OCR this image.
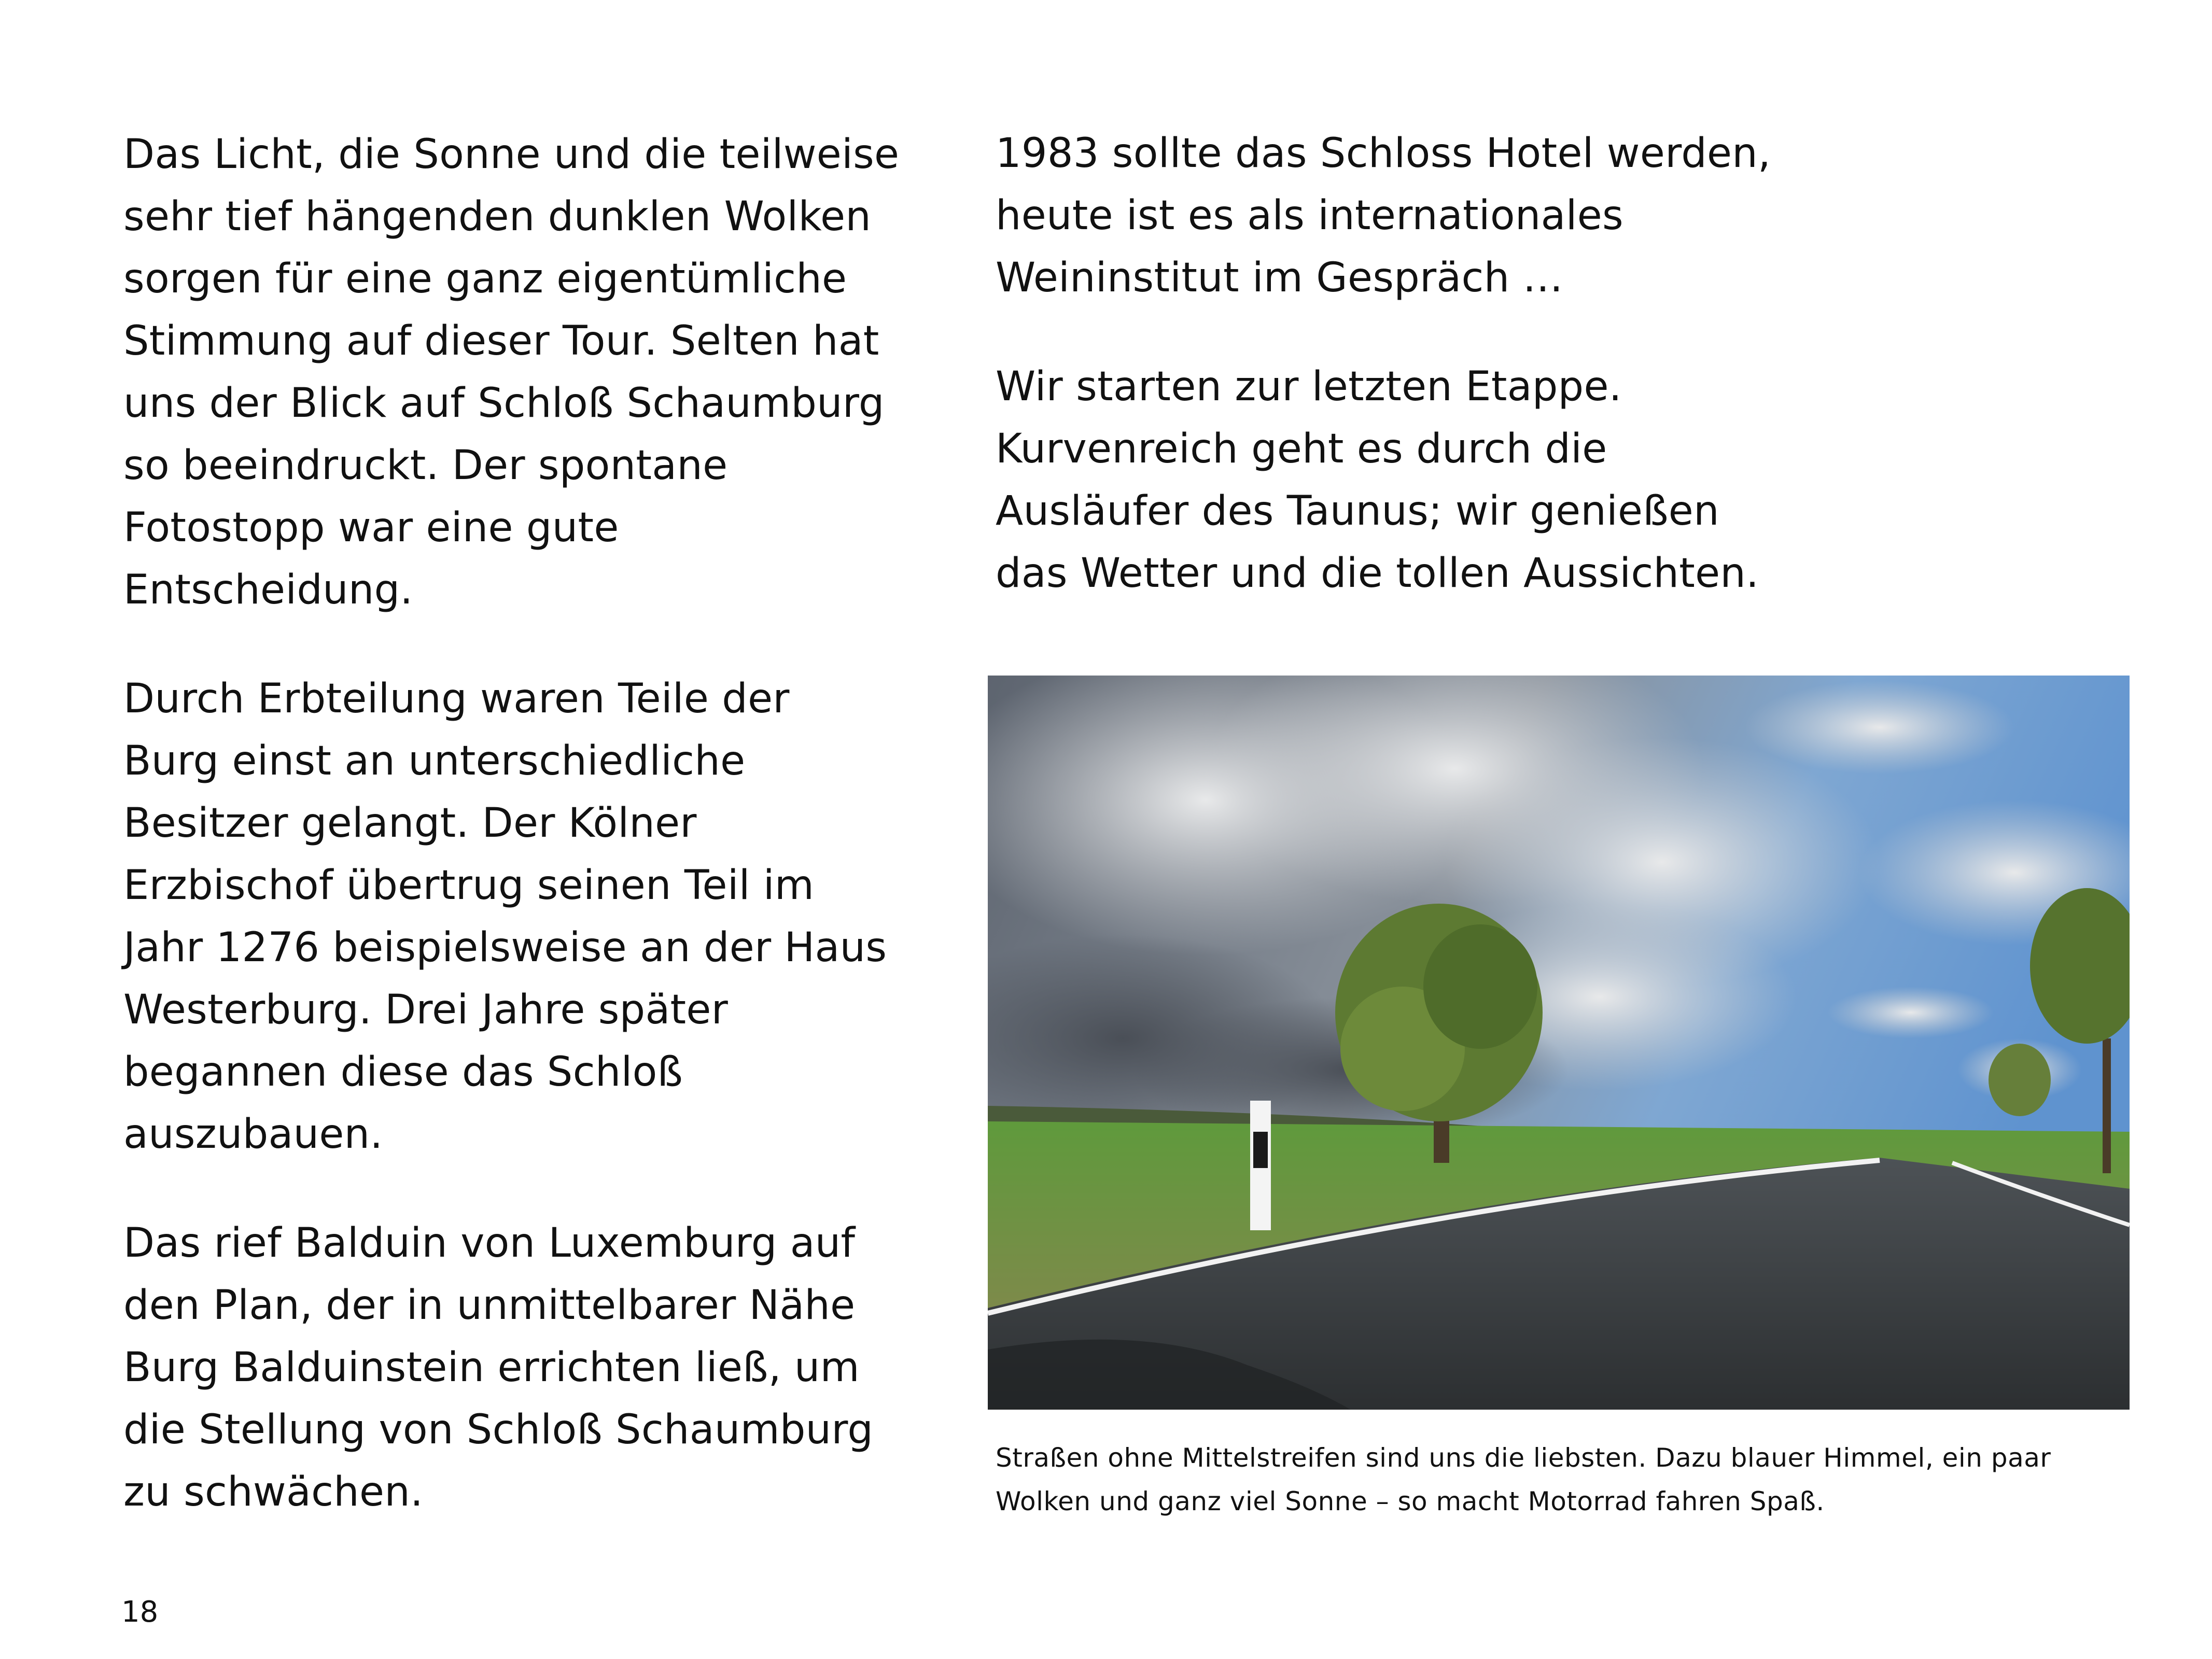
Das Licht, die Sonne und die teilweise
sehr tief hängenden dunklen Wolken
sorgen für eine ganz eigentümliche
Stimmung auf dieser Tour. Selten hat
uns der Blick auf Schloß Schaumburg
so beeindruckt. Der spontane
Fotostopp war eine gute
Entscheidung.

Durch Erbteilung waren Teile der
Burg einst an unterschiedliche
Besitzer gelangt. Der Kölner
Erzbischof übertrug seinen Teil im
Jahr 1276 beispielsweise an der Haus
Westerburg. Drei Jahre später
begannen diese das Schloß
auszubauen.

Das rief Balduin von Luxemburg auf
den Plan, der in unmittelbarer Nähe
Burg Balduinstein errichten ließ, um
die Stellung von Schloß Schaumburg
zu schwächen.

1983 sollte das Schloss Hotel werden,
heute ist es als internationales
Weininstitut im Gespräch …

Wir starten zur letzten Etappe.
Kurvenreich geht es durch die
Ausläufer des Taunus; wir genießen
das Wetter und die tollen Aussichten.

Straßen ohne Mittelstreifen sind uns die liebsten. Dazu blauer Himmel, ein paar
Wolken und ganz viel Sonne – so macht Motorrad fahren Spaß.

18
